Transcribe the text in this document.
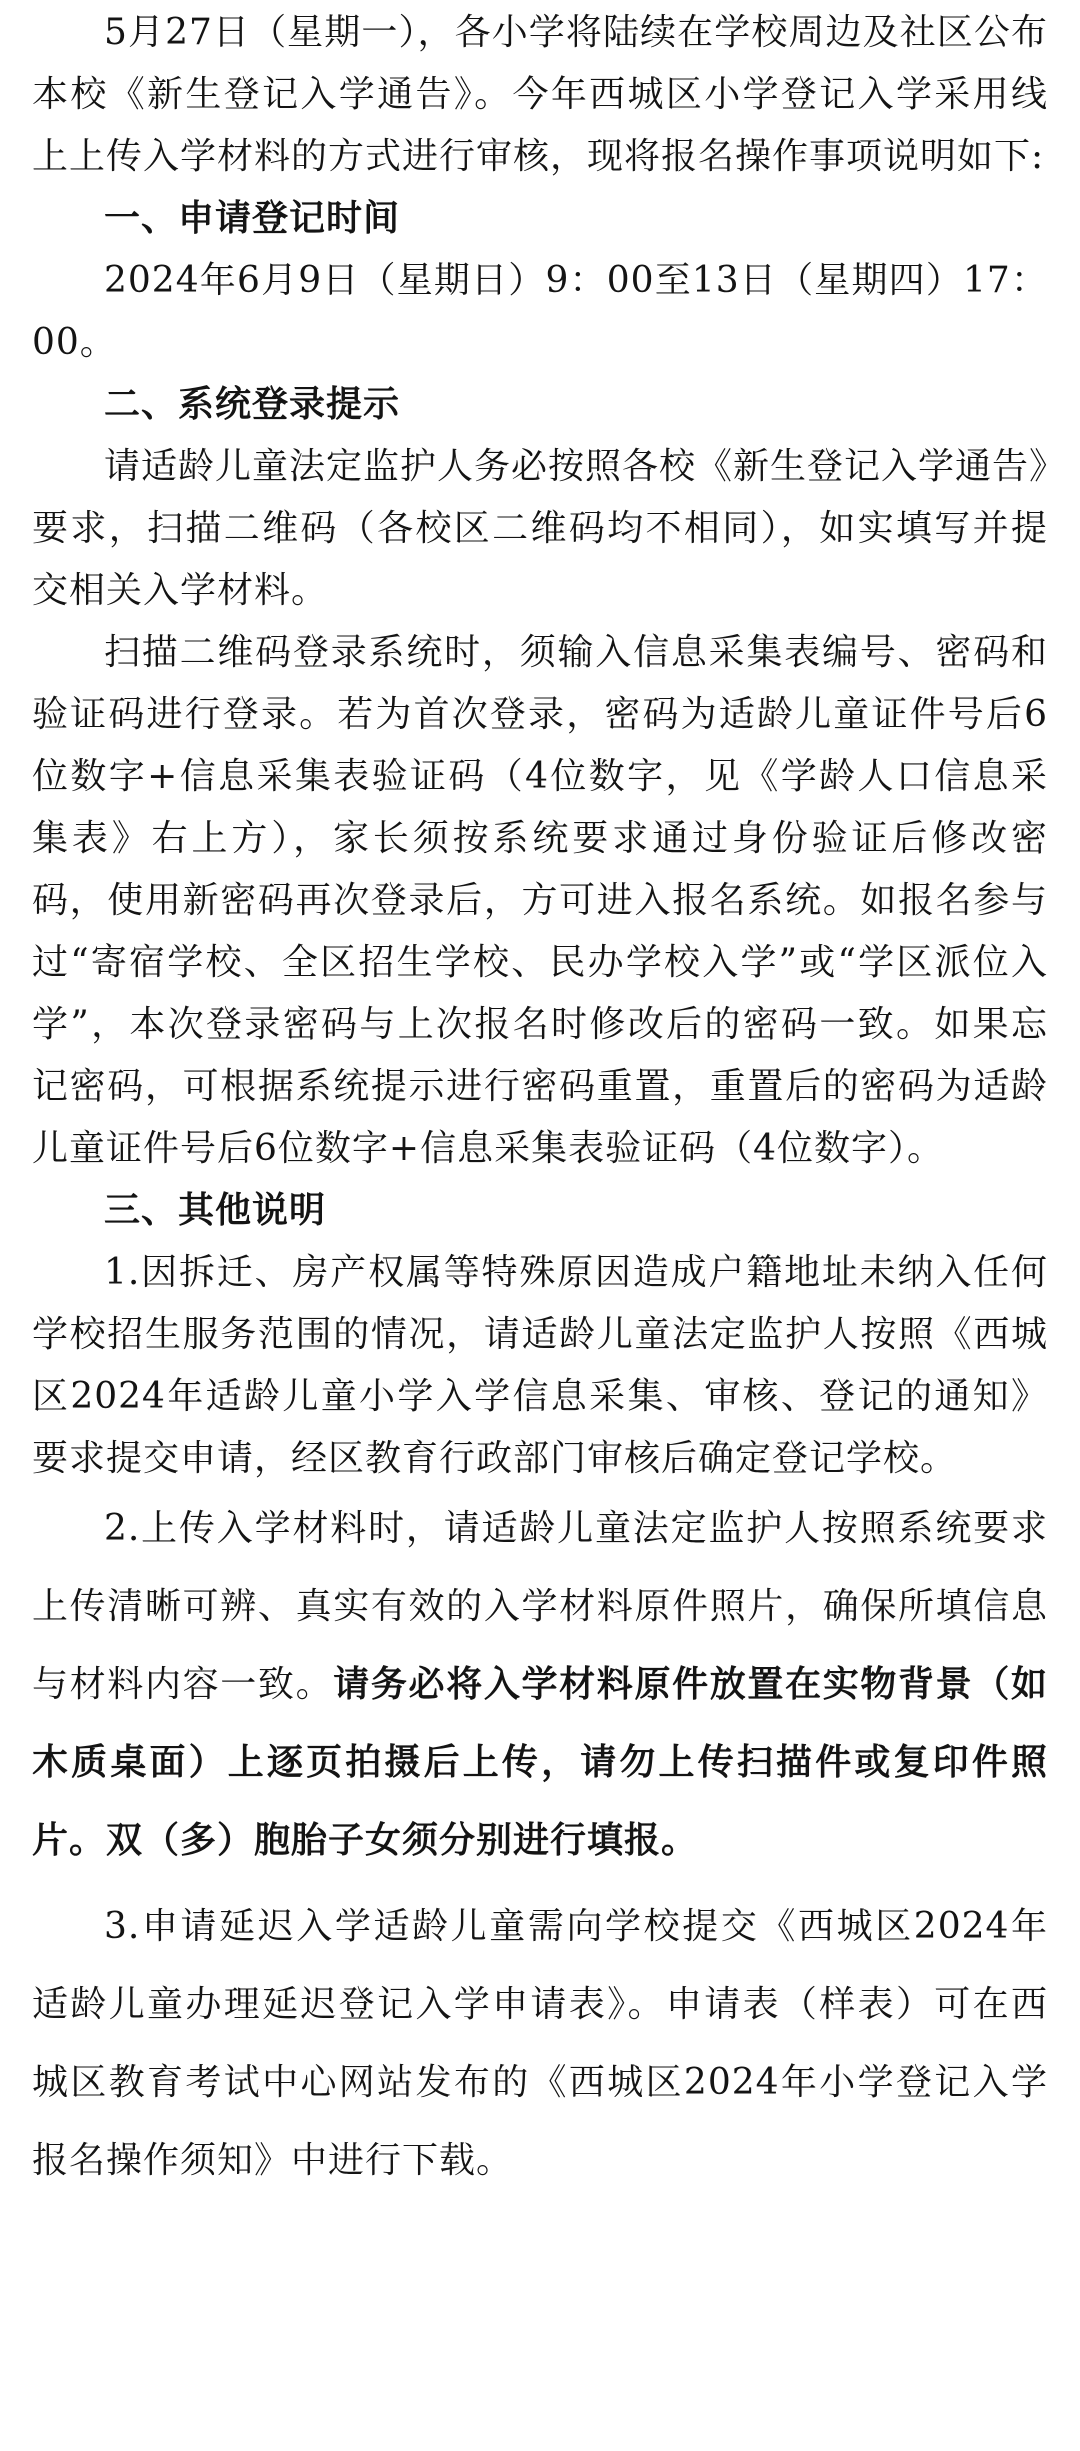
5月27日（星期一），各小学将陆续在学校周边及社区公布本校《新生登记入学通告》。今年西城区小学登记入学采用线上上传入学材料的方式进行审核，现将报名操作事项说明如下:

一、申请登记时间

2024年6月9日（星期日）9：00至13日（星期四）17：00。

二、系统登录提示

请适龄儿童法定监护人务必按照各校《新生登记入学通告》要求，扫描二维码（各校区二维码均不相同），如实填写并提交相关入学材料。

扫描二维码登录系统时，须输入信息采集表编号、密码和验证码进行登录。若为首次登录，密码为适龄儿童证件号后6位数字+信息采集表验证码（4位数字，见《学龄人口信息采集表》右上方），家长须按系统要求通过身份验证后修改密码，使用新密码再次登录后，方可进入报名系统。如报名参与过“寄宿学校、全区招生学校、民办学校入学”或“学区派位入学”，本次登录密码与上次报名时修改后的密码一致。如果忘记密码，可根据系统提示进行密码重置，重置后的密码为适龄儿童证件号后6位数字+信息采集表验证码（4位数字）。

三、其他说明

1.因拆迁、房产权属等特殊原因造成户籍地址未纳入任何学校招生服务范围的情况，请适龄儿童法定监护人按照《西城区2024年适龄儿童小学入学信息采集、审核、登记的通知》要求提交申请，经区教育行政部门审核后确定登记学校。

2.上传入学材料时，请适龄儿童法定监护人按照系统要求上传清晰可辨、真实有效的入学材料原件照片，确保所填信息与材料内容一致。请务必将入学材料原件放置在实物背景（如木质桌面）上逐页拍摄后上传，请勿上传扫描件或复印件照片。双（多）胞胎子女须分别进行填报。

3.申请延迟入学适龄儿童需向学校提交《西城区2024年适龄儿童办理延迟登记入学申请表》。申请表（样表）可在西城区教育考试中心网站发布的《西城区2024年小学登记入学报名操作须知》中进行下载。
